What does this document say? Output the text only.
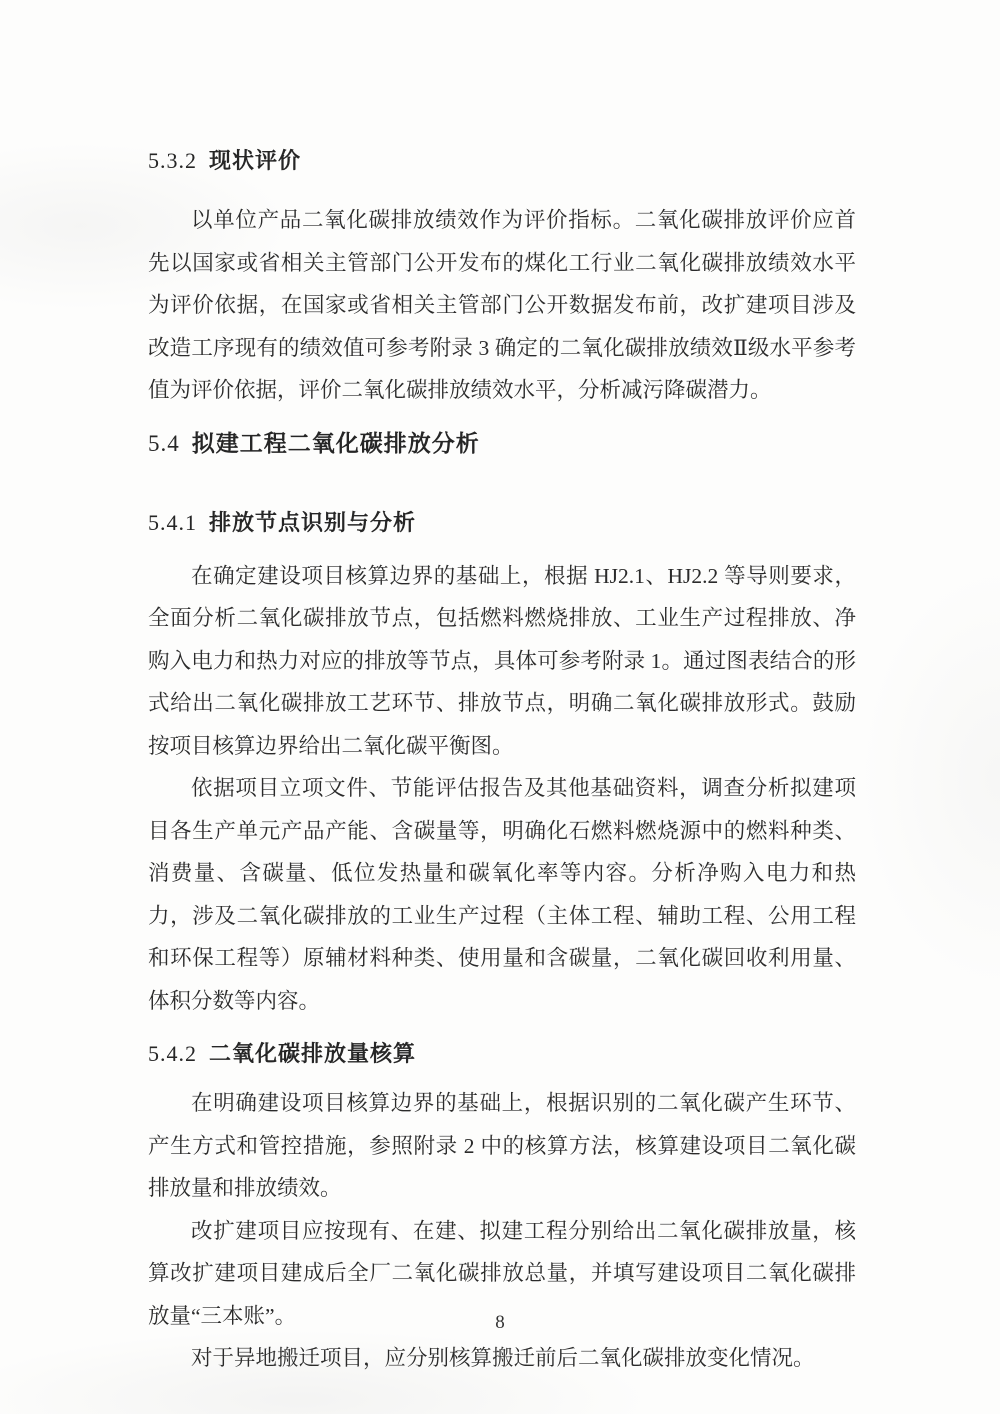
5.3.2 现状评价

以单位产品二氧化碳排放绩效作为评价指标。二氧化碳排放评价应首先以国家或省相关主管部门公开发布的煤化工行业二氧化碳排放绩效水平为评价依据，在国家或省相关主管部门公开数据发布前，改扩建项目涉及改造工序现有的绩效值可参考附录 3 确定的二氧化碳排放绩效Ⅱ级水平参考值为评价依据，评价二氧化碳排放绩效水平，分析减污降碳潜力。

5.4 拟建工程二氧化碳排放分析
5.4.1 排放节点识别与分析

在确定建设项目核算边界的基础上，根据 HJ2.1、HJ2.2 等导则要求，全面分析二氧化碳排放节点，包括燃料燃烧排放、工业生产过程排放、净购入电力和热力对应的排放等节点，具体可参考附录 1。通过图表结合的形式给出二氧化碳排放工艺环节、排放节点，明确二氧化碳排放形式。鼓励按项目核算边界给出二氧化碳平衡图。

依据项目立项文件、节能评估报告及其他基础资料，调查分析拟建项目各生产单元产品产能、含碳量等，明确化石燃料燃烧源中的燃料种类、消费量、含碳量、低位发热量和碳氧化率等内容。分析净购入电力和热力，涉及二氧化碳排放的工业生产过程（主体工程、辅助工程、公用工程和环保工程等）原辅材料种类、使用量和含碳量，二氧化碳回收利用量、体积分数等内容。

5.4.2 二氧化碳排放量核算

在明确建设项目核算边界的基础上，根据识别的二氧化碳产生环节、产生方式和管控措施，参照附录 2 中的核算方法，核算建设项目二氧化碳排放量和排放绩效。

改扩建项目应按现有、在建、拟建工程分别给出二氧化碳排放量，核算改扩建项目建成后全厂二氧化碳排放总量，并填写建设项目二氧化碳排放量“三本账”。

对于异地搬迁项目，应分别核算搬迁前后二氧化碳排放变化情况。

8
